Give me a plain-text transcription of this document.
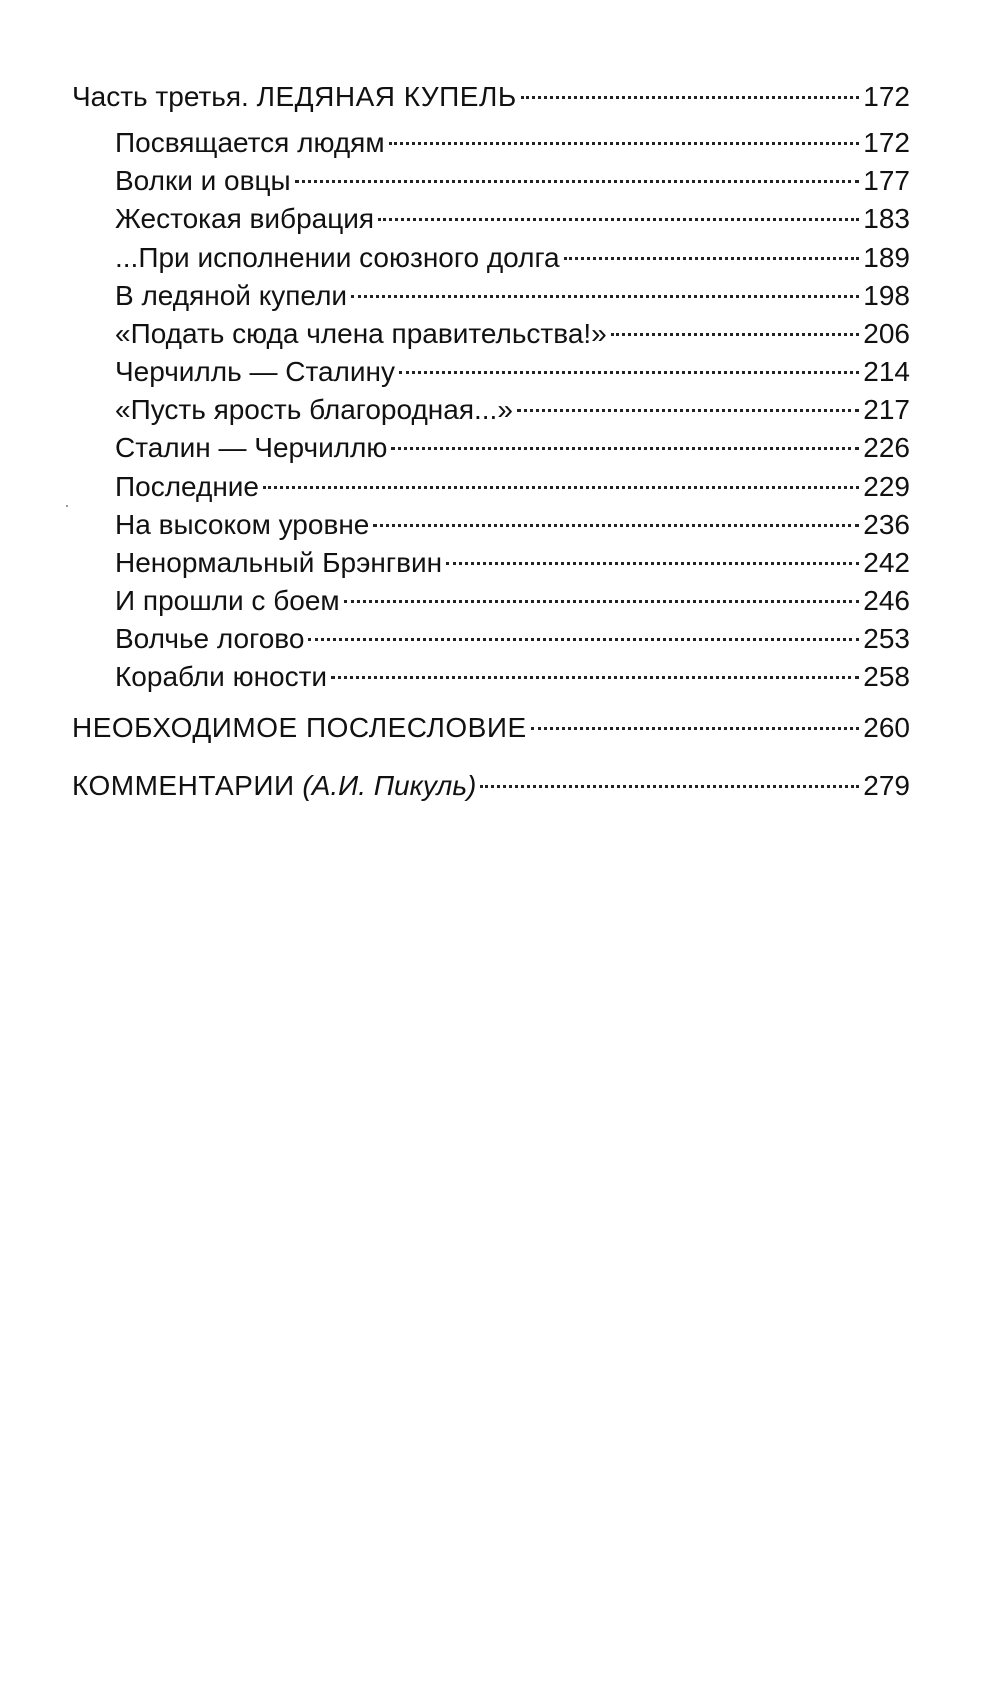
Часть третья. ЛЕДЯНАЯ КУПЕЛЬ	172
Посвящается людям	172
Волки и овцы	177
Жестокая вибрация	183
...При исполнении союзного долга	189
В ледяной купели	198
«Подать сюда члена правительства!»	206
Черчилль — Сталину	214
«Пусть ярость благородная...»	217
Сталин — Черчиллю	226
Последние	229
На высоком уровне	236
Ненормальный Брэнгвин	242
И прошли с боем	246
Волчье логово	253
Корабли юности	258
НЕОБХОДИМОЕ ПОСЛЕСЛОВИЕ	260
КОММЕНТАРИИ (А.И. Пикуль)	279
